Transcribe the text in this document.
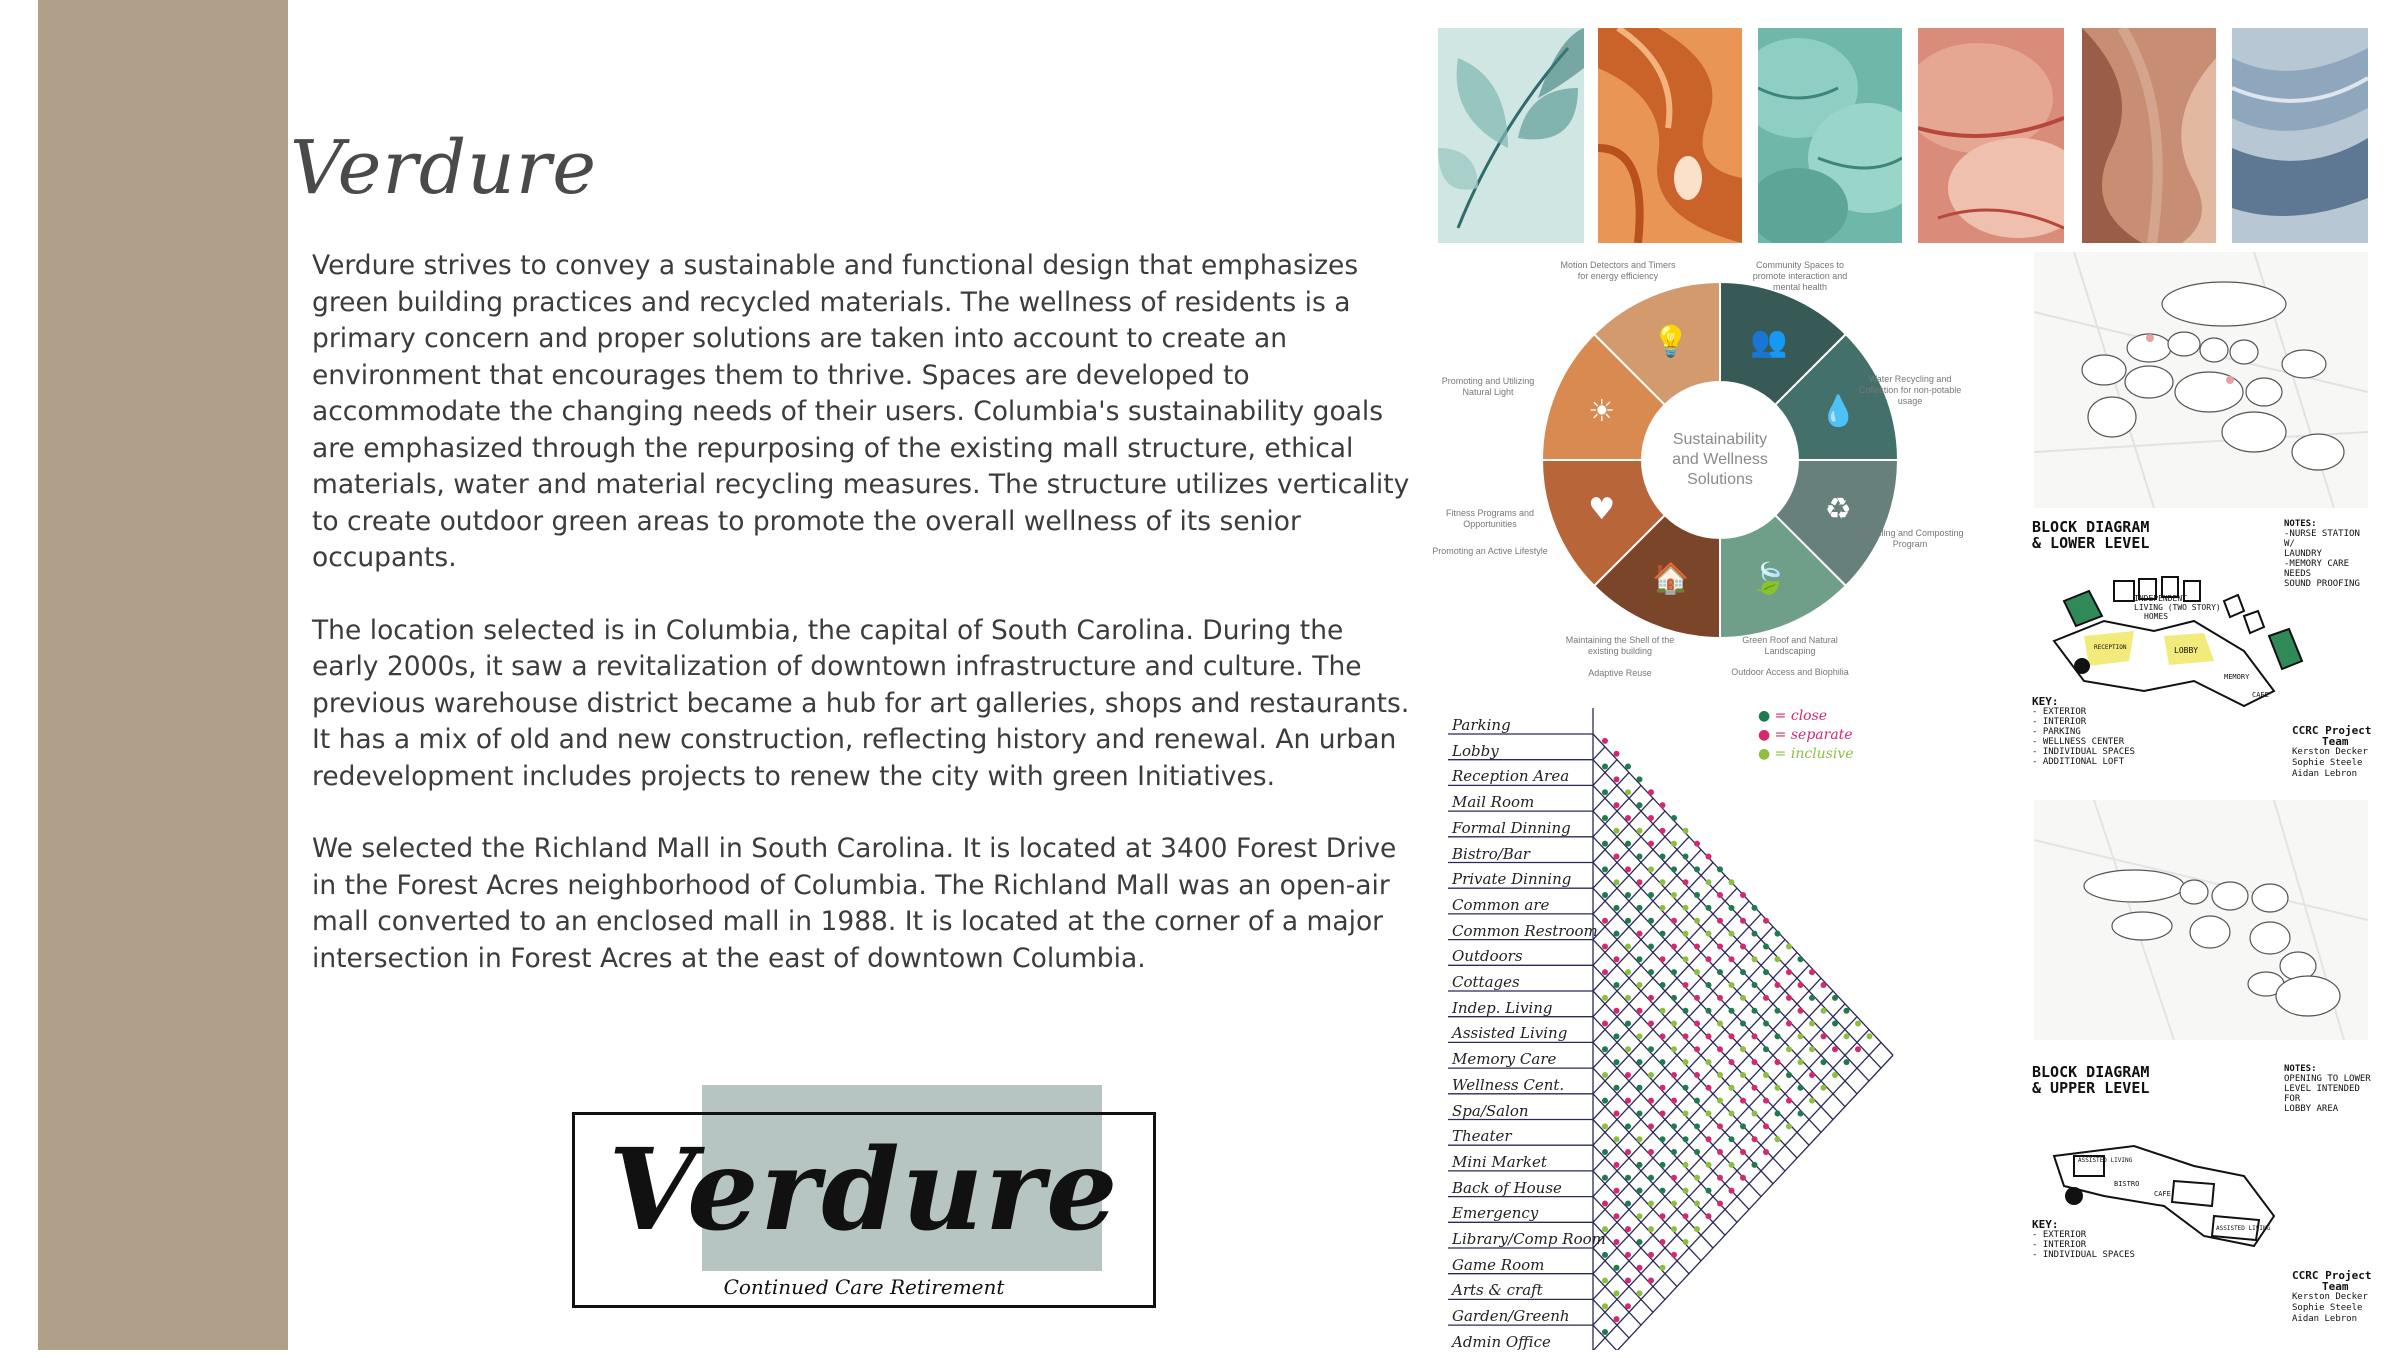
Verdure

Verdure strives to convey a sustainable and functional design that emphasizes green building practices and recycled materials. The wellness of residents is a primary concern and proper solutions are taken into account to create an environment that encourages them to thrive. Spaces are developed to accommodate the changing needs of their users. Columbia's sustainability goals are emphasized through the repurposing of the existing mall structure, ethical materials, water and material recycling measures. The structure utilizes verticality to create outdoor green areas to promote the overall wellness of its senior occupants.

The location selected is in Columbia, the capital of South Carolina. During the early 2000s, it saw a revitalization of downtown infrastructure and culture. The previous warehouse district became a hub for art galleries, shops and restaurants. It has a mix of old and new construction, reflecting history and renewal. An urban redevelopment includes projects to renew the city with green Initiatives.

We selected the Richland Mall in South Carolina. It is located at 3400 Forest Drive in the Forest Acres neighborhood of Columbia. The Richland Mall was an open-air mall converted to an enclosed mall in 1988. It is located at the corner of a major intersection in Forest Acres at the east of downtown Columbia.

Verdure
Continued Care Retirement
👥
💧
♻
🍃
🏠
♥
☀
💡
Motion Detectors and Timers for energy efficiency
Community Spaces to promote interaction and mental health
Water Recycling and Collection for non-potable usage
Recycling and Composting Program
Green Roof and Natural Landscaping
Outdoor Access and Biophilia
Maintaining the Shell of the existing building
Adaptive Reuse
Fitness Programs and Opportunities
Promoting an Active Lifestyle
Promoting and Utilizing Natural Light
Sustainability
and Wellness
Solutions
BLOCK DIAGRAM
& LOWER LEVEL
NOTES:
-NURSE STATION W/
LAUNDRY
-MEMORY CARE NEEDS
SOUND PROOFING
INDEPENDENT
LIVING (TWO STORY)
HOMES
LOBBY
MEMORY
CAFE
RECEPTION
KEY:
- EXTERIOR
- INTERIOR
- PARKING
- WELLNESS CENTER
- INDIVIDUAL SPACES
- ADDITIONAL LOFT
CCRC Project
Team
Kerston Decker
Sophie Steele
Aidan Lebron
BLOCK DIAGRAM
& UPPER LEVEL
NOTES:
OPENING TO LOWER
LEVEL INTENDED FOR
LOBBY AREA
ASSISTED LIVING
BISTRO
CAFE
ASSISTED LIVING
KEY:
- EXTERIOR
- INTERIOR
- INDIVIDUAL SPACES
CCRC Project
Team
Kerston Decker
Sophie Steele
Aidan Lebron
Parking
Lobby
Reception Area
Mail Room
Formal Dinning
Bistro/Bar
Private Dinning
Common are
Common Restroom
Outdoors
Cottages
Indep. Living
Assisted Living
Memory Care
Wellness Cent.
Spa/Salon
Theater
Mini Market
Back of House
Emergency
Library/Comp Room
Game Room
Arts & craft
Garden/Greenh
Admin Office
● = close
● = separate
● = inclusive
